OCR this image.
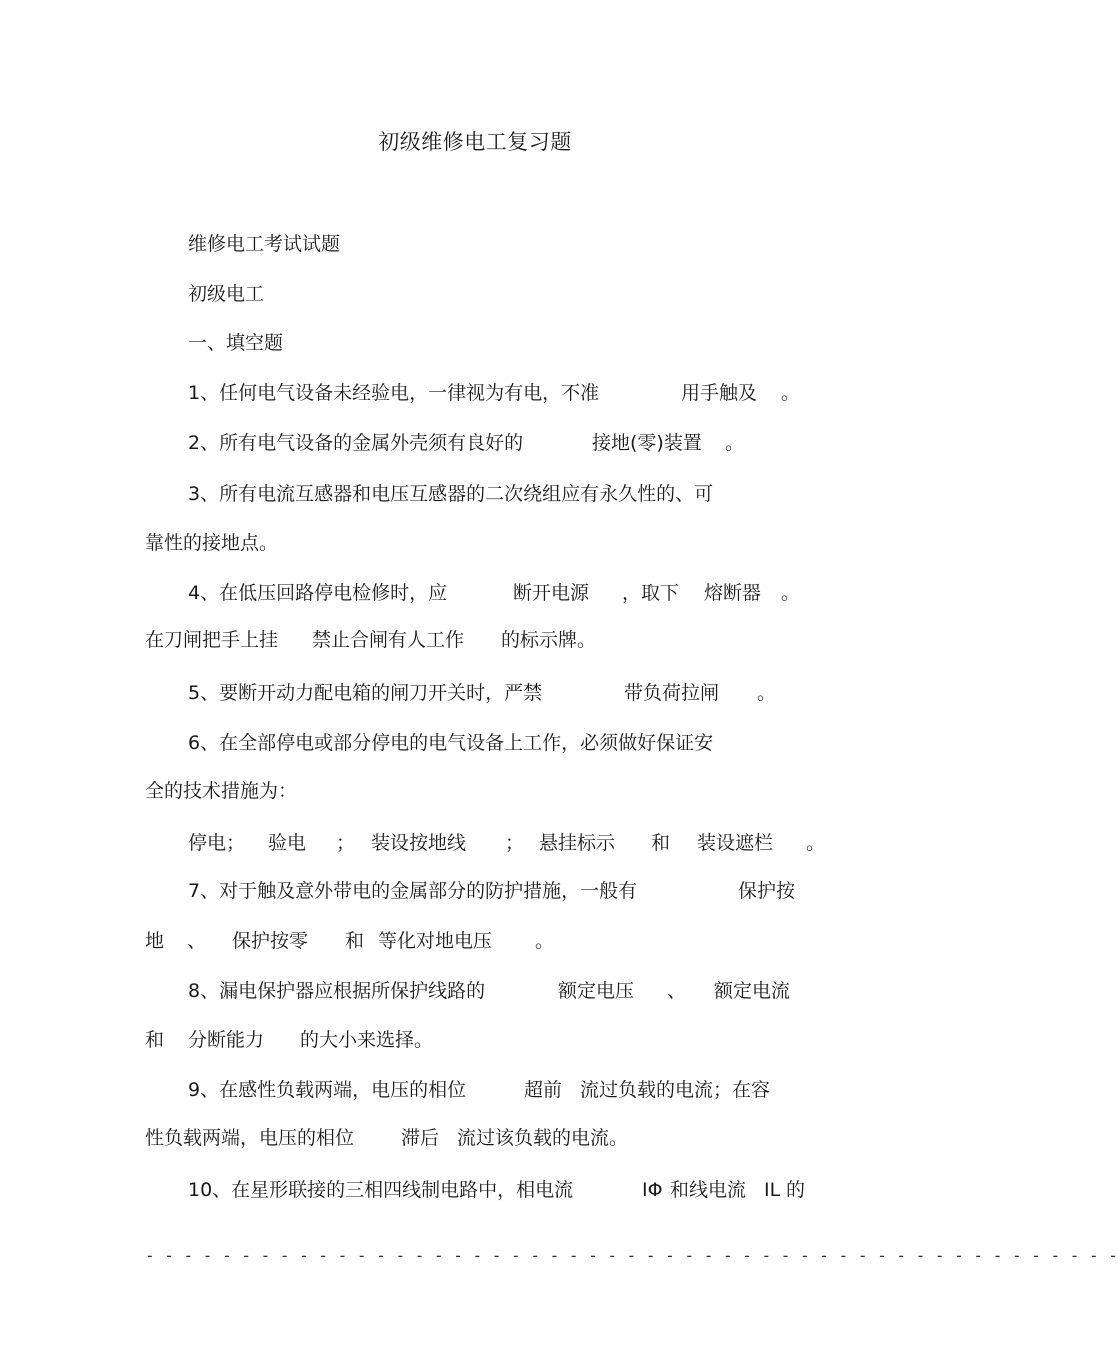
初级维修电工复习题
维修电工考试试题
初级电工
一、填空题
1、任何电气设备未经验电，一律视为有电，不准	用手触及 。
2、所有电气设备的金属外壳须有良好的	接地(零)装置 。
3、所有电流互感器和电压互感器的二次绕组应有永久性的、可
靠性的接地点。
4、在低压回路停电检修时，应	断开电源 ，取下 熔断器 。
在刀闸把手上挂 禁止合闸有人工作 的标示牌。
5、要断开动力配电箱的闸刀开关时，严禁	带负荷拉闸 。
6、在全部停电或部分停电的电气设备上工作，必须做好保证安
全的技术措施为：
停电； 验电 ； 装设按地线 ； 悬挂标示 和 装设遮栏 。
7、对于触及意外带电的金属部分的防护措施，一般有	保护按
地 、 保护按零 和 等化对地电压 。
8、漏电保护器应根据所保护线路的	额定电压 、 额定电流
和 分断能力 的大小来选择。
9、在感性负载两端，电压的相位	超前 流过负载的电流；在容
性负载两端，电压的相位 滞后 流过该负载的电流。
10、在星形联接的三相四线制电路中，相电流	IΦ 和线电流 IL 的
- - - - - - - - - - - - - - - - - - - - - - - - - - - - - - - - - - - - - - - - - - - - - - - - - - -
